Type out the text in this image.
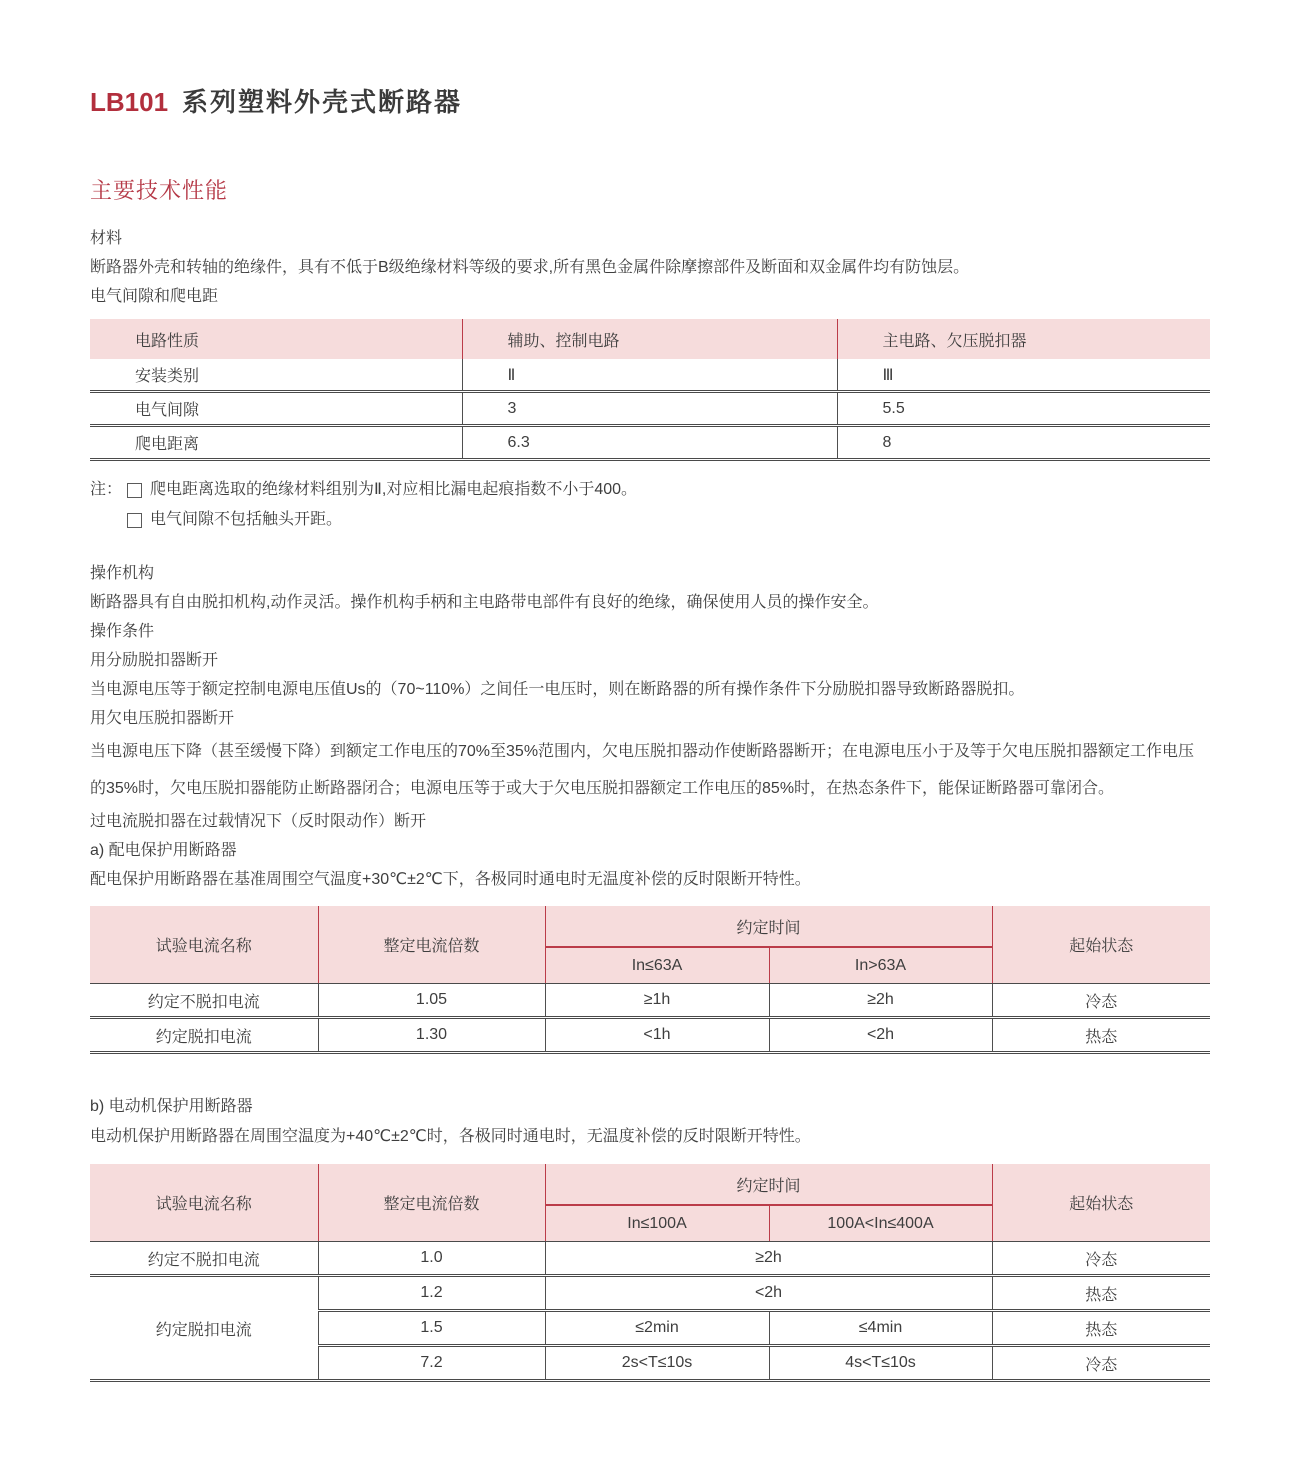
LB101 系列塑料外壳式断路器
主要技术性能

材料

断路器外壳和转轴的绝缘件，具有不低于B级绝缘材料等级的要求,所有黑色金属件除摩擦部件及断面和双金属件均有防蚀层。

电气间隙和爬电距

电路性质	辅助、控制电路	主电路、欠压脱扣器
安装类别	Ⅱ	Ⅲ
电气间隙	3	5.5
爬电距离	6.3	8
注：	爬电距离选取的绝缘材料组别为Ⅱ,对应相比漏电起痕指数不小于400。
电气间隙不包括触头开距。

操作机构

断路器具有自由脱扣机构,动作灵活。操作机构手柄和主电路带电部件有良好的绝缘，确保使用人员的操作安全。

操作条件

用分励脱扣器断开

当电源电压等于额定控制电源电压值Us的（70~110%）之间任一电压时，则在断路器的所有操作条件下分励脱扣器导致断路器脱扣。

用欠电压脱扣器断开

当电源电压下降（甚至缓慢下降）到额定工作电压的70%至35%范围内，欠电压脱扣器动作使断路器断开；在电源电压小于及等于欠电压脱扣器额定工作电压的35%时，欠电压脱扣器能防止断路器闭合；电源电压等于或大于欠电压脱扣器额定工作电压的85%时，在热态条件下，能保证断路器可靠闭合。

过电流脱扣器在过载情况下（反时限动作）断开

a) 配电保护用断路器

配电保护用断路器在基准周围空气温度+30℃±2℃下，各极同时通电时无温度补偿的反时限断开特性。

试验电流名称	整定电流倍数	约定时间		起始状态
		In≤63A	In>63A	
约定不脱扣电流	1.05	≥1h	≥2h	冷态
约定脱扣电流	1.30	<1h	<2h	热态

b) 电动机保护用断路器

电动机保护用断路器在周围空温度为+40℃±2℃时，各极同时通电时，无温度补偿的反时限断开特性。

试验电流名称	整定电流倍数	约定时间		起始状态
		In≤100A	100A<In≤400A	
约定不脱扣电流	1.0	≥2h		冷态
约定脱扣电流	1.2	<2h		热态
	1.5	≤2min	≤4min	热态
	7.2	2s<T≤10s	4s<T≤10s	冷态
